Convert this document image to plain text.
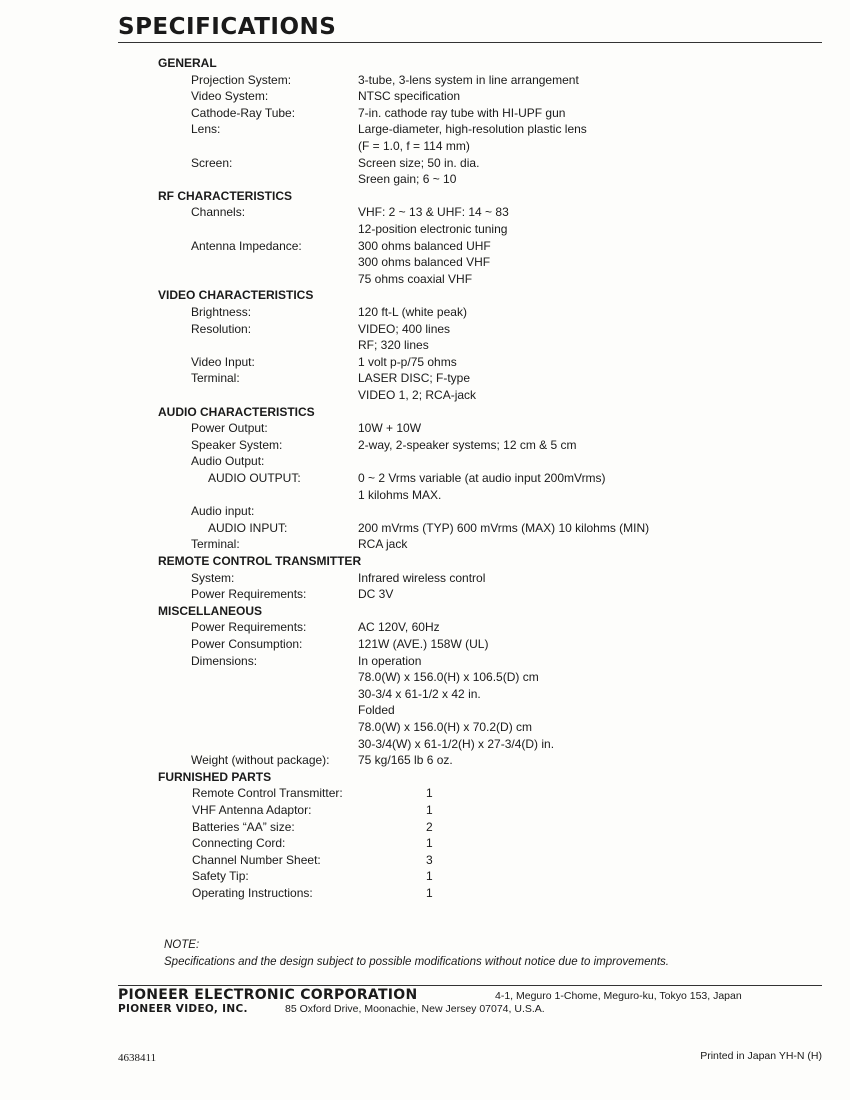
SPECIFICATIONS
GENERAL
Projection System:	3-tube, 3-lens system in line arrangement
Video System:	NTSC specification
Cathode-Ray Tube:	7-in. cathode ray tube with HI-UPF gun
Lens:	Large-diameter, high-resolution plastic lens
(F = 1.0, f = 114 mm)
Screen:	Screen size; 50 in. dia.
Sreen gain; 6 ~ 10
RF CHARACTERISTICS
Channels:	VHF: 2 ~ 13 & UHF: 14 ~ 83
12-position electronic tuning
Antenna Impedance:	300 ohms balanced UHF
300 ohms balanced VHF
75 ohms coaxial VHF
VIDEO CHARACTERISTICS
Brightness:	120 ft-L (white peak)
Resolution:	VIDEO; 400 lines
RF; 320 lines
Video Input:	1 volt p-p/75 ohms
Terminal:	LASER DISC; F-type
VIDEO 1, 2; RCA-jack
AUDIO CHARACTERISTICS
Power Output:	10W + 10W
Speaker System:	2-way, 2-speaker systems; 12 cm & 5 cm
Audio Output:
AUDIO OUTPUT:	0 ~ 2 Vrms variable (at audio input 200mVrms)
1 kilohms MAX.
Audio input:
AUDIO INPUT:	200 mVrms (TYP) 600 mVrms (MAX) 10 kilohms (MIN)
Terminal:	RCA jack
REMOTE CONTROL TRANSMITTER
System:	Infrared wireless control
Power Requirements:	DC 3V
MISCELLANEOUS
Power Requirements:	AC 120V, 60Hz
Power Consumption:	121W (AVE.) 158W (UL)
Dimensions:	In operation
78.0(W) x 156.0(H) x 106.5(D) cm
30-3/4 x 61-1/2 x 42 in.
Folded
78.0(W) x 156.0(H) x 70.2(D) cm
30-3/4(W) x 61-1/2(H) x 27-3/4(D) in.
Weight (without package): 75 kg/165 lb 6 oz.
FURNISHED PARTS
Remote Control Transmitter:	1
VHF Antenna Adaptor:	1
Batteries “AA” size:	2
Connecting Cord:	1
Channel Number Sheet:	3
Safety Tip:	1
Operating Instructions:	1
NOTE:
Specifications and the design subject to possible modifications without notice due to improvements.
PIONEER ELECTRONIC CORPORATION	4-1, Meguro 1-Chome, Meguro-ku, Tokyo 153, Japan
PIONEER VIDEO, INC.	85 Oxford Drive, Moonachie, New Jersey 07074, U.S.A.
4638411	Printed in Japan YH-N (H)
